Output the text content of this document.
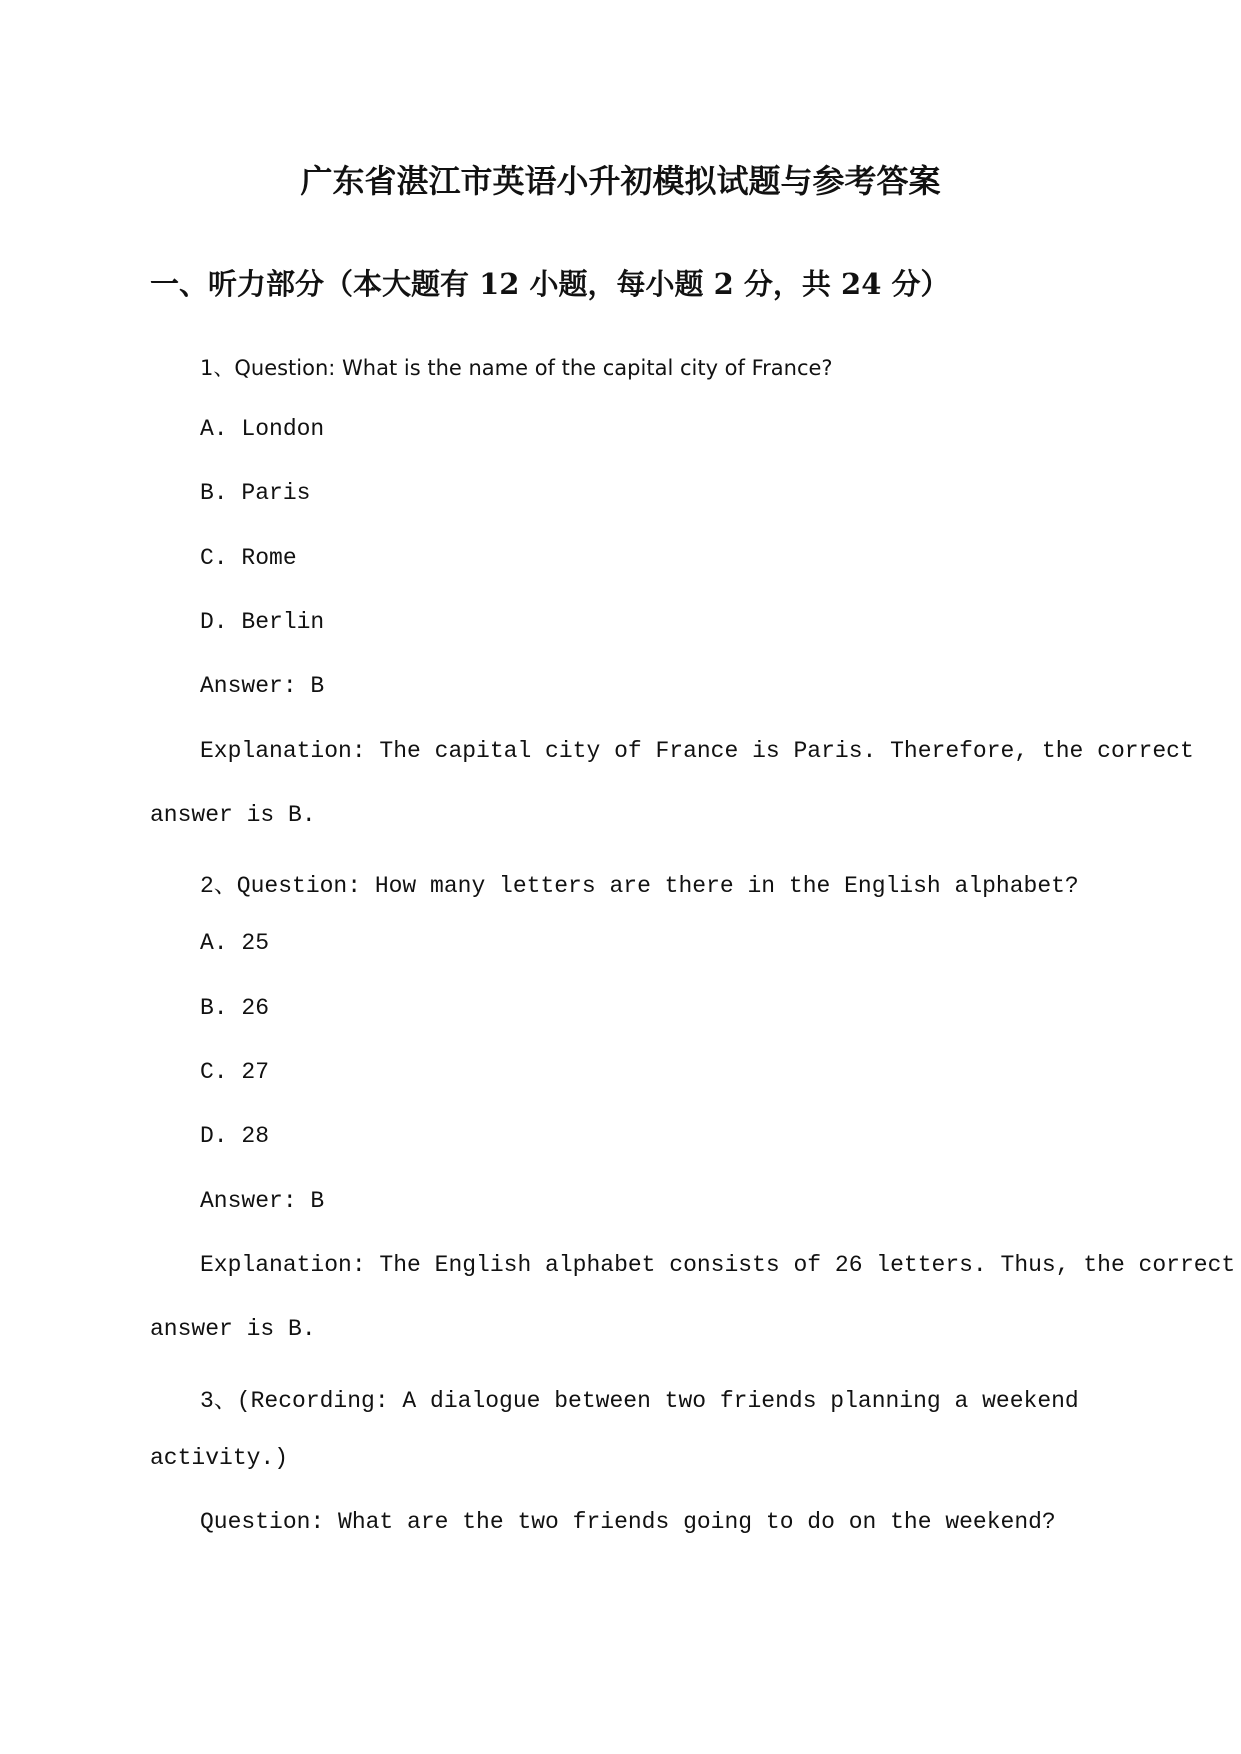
广东省湛江市英语小升初模拟试题与参考答案
一、听力部分（本大题有 12 小题，每小题 2 分，共 24 分）

1、Question: What is the name of the capital city of France?

A. London

B. Paris

C. Rome

D. Berlin

Answer: B

Explanation: The capital city of France is Paris. Therefore, the correct

answer is B.

2、Question: How many letters are there in the English alphabet?

A. 25

B. 26

C. 27

D. 28

Answer: B

Explanation: The English alphabet consists of 26 letters. Thus, the correct

answer is B.

3、(Recording: A dialogue between two friends planning a weekend

activity.)

Question: What are the two friends going to do on the weekend?
